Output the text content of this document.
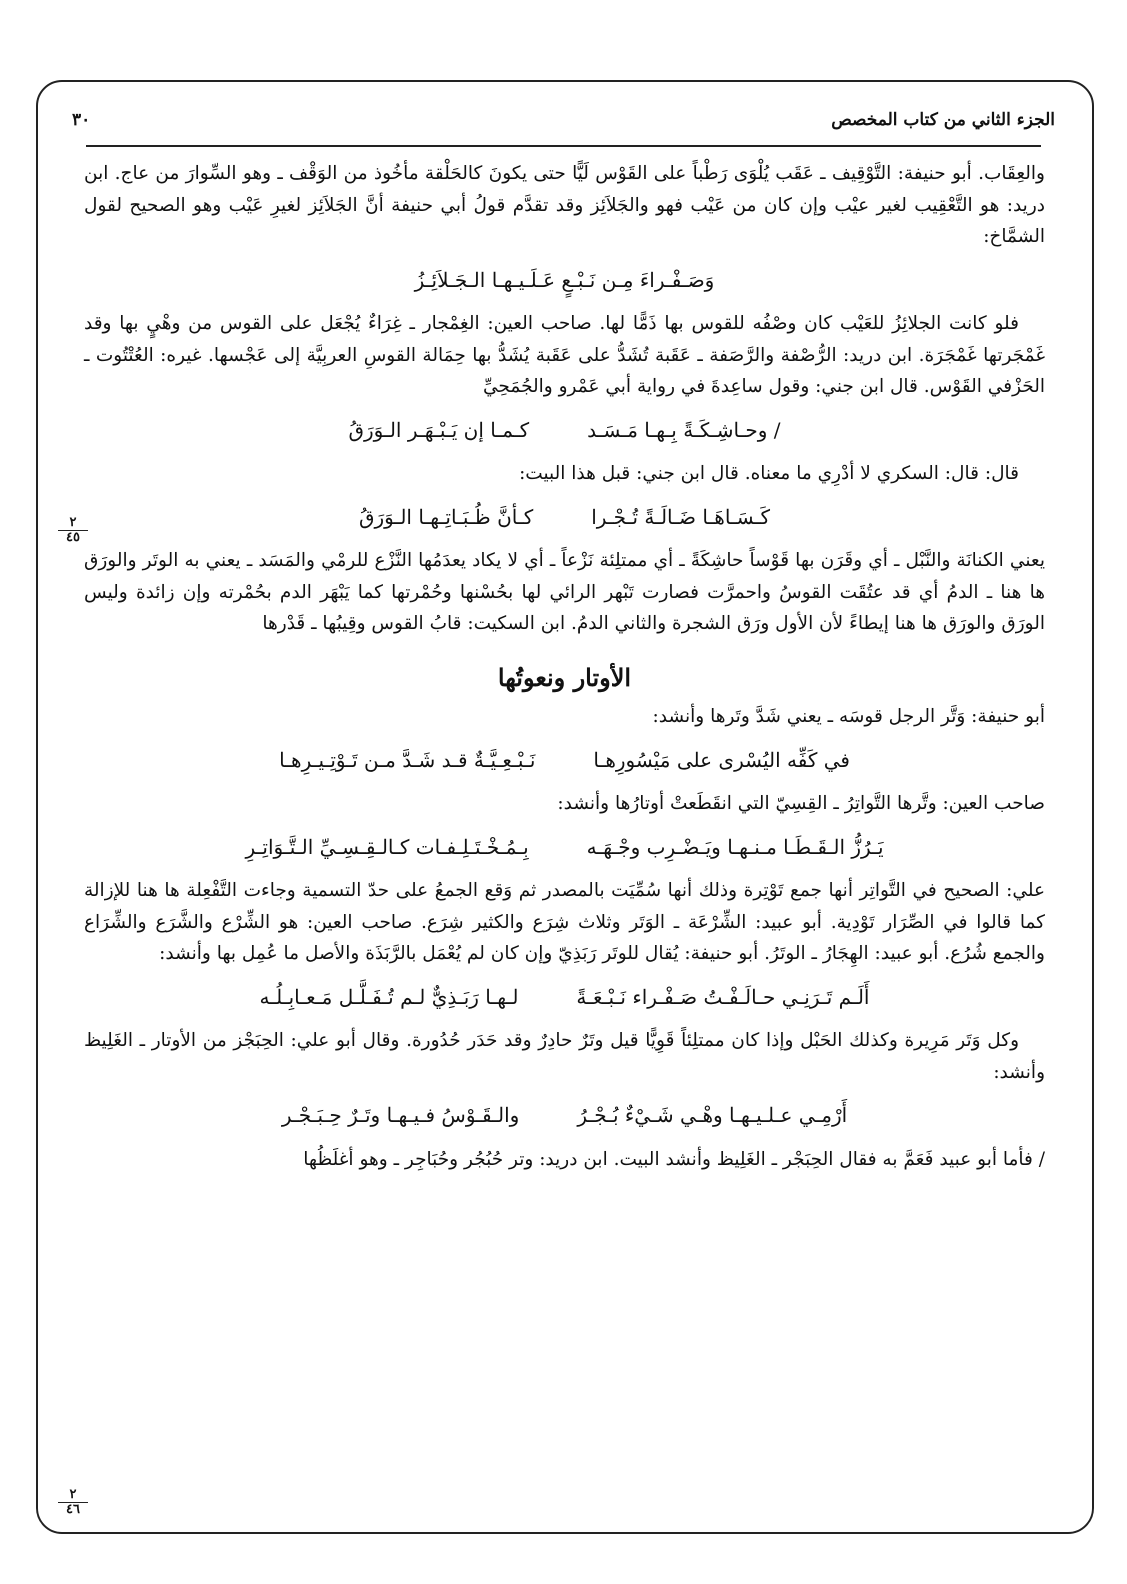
الجزء الثاني من كتاب المخصص
٣٠
٢
٤٥
٢
٤٦

والعِقَاب. أبو حنيفة: التَّوْقِيف ـ عَقَب يُلْوَى رَطْباً على القَوْس لَيًّا حتى يكونَ كالحَلْقة مأخُوذ من الوَقْف ـ وهو السِّوارَ من عاج. ابن دريد: هو التَّعْقِيب لغير عيْب وإن كان من عَيْب فهو والجَلاَئِز وقد تقدَّم قولُ أبي حنيفة أنَّ الجَلاَئِز لغيرِ عَيْب وهو الصحيح لقول الشمَّاخ:

وَصَـفْـراءَ مِـن نَـبْـعٍ عَـلَـيـهـا الـجَـلاَئِـزُ

فلو كانت الجلائِزُ للعَيْب كان وصْفُه للقوس بها ذَمًّا لها. صاحب العين: الغِمْجار ـ غِرَاءٌ يُجْعَل على القوس من وهْيٍ بها وقد غَمْجَرتها غَمْجَرَة. ابن دريد: الرُّصْفة والرَّصَفة ـ عَقَبة تُشَدُّ على عَقَبة يُشَدُّ بها حِمَالة القوسِ العربِيَّة إلى عَجْسها. غيره: العُتْتُوت ـ الحَزْفي القَوْس. قال ابن جني: وقول ساعِدةَ في رواية أبي عَمْرو والجُمَحِيِّ

/ وحـاشِـكَـةً بِـهـا مَـسَـد
كـمـا إن يَـبْـهَـر الـوَرَقُ

قال: قال: السكري لا أدْرِي ما معناه. قال ابن جني: قبل هذا البيت:

كَـسَـاهَـا ضَـالَـةً تُـجْـرا
كـأنَّ ظُـبَـاتِـهـا الـوَرَقُ

يعني الكنانَة والنَّبْل ـ أي وقَرَن بها قَوْساً حاشِكَةً ـ أي ممتلِئة نَزْعاً ـ أي لا يكاد يعدَمُها النَّزْع للرمْي والمَسَد ـ يعني به الوتَر والورَق ها هنا ـ الدمُ أي قد عتُقَت القوسُ واحمرَّت فصارت تَبْهر الرائي لها بحُسْنها وحُمْرتها كما يَبْهَر الدم بحُمْرته وإن زائدة وليس الورَق والورَق ها هنا إيطاءً لأن الأول ورَق الشجرة والثاني الدمُ. ابن السكيت: قابُ القوس وقِيبُها ـ قَدْرها

الأوتار ونعوتُها

أبو حنيفة: وَتَّر الرجل قوسَه ـ يعني شَدَّ وتَرها وأنشد:

في كَفِّه اليُسْرى على مَيْسُورِهـا
نَـبْـعِـيَّـةٌ قـد شَـدَّ مـن تَـوْتِـيـرِهـا

صاحب العين: وتَّرها التَّواتِرُ ـ القِسِيّ التي انقَطَعتْ أوتارُها وأنشد:

يَـرُزُّ الـقَـطَـا مـنـهـا ويَـضْـرِب وجْـهَـه
بِـمُـخْـتَـلِـفـات كـالـقِـسِـيِّ الـتَّـوَاتِـرِ

علي: الصحيح في التَّواتِر أنها جمع تَوْتِرة وذلك أنها سُمِّيَت بالمصدر ثم وَقع الجمعُ على حدّ التسمية وجاءت التَّفْعِلة ها هنا للإزالة كما قالوا في الصِّرَار تَوْدِية. أبو عبيد: الشِّرْعَة ـ الوَتَر وثلاث شِرَع والكثير شِرَع. صاحب العين: هو الشِّرْع والشَّرَع والشِّرَاع والجمع شُرُع. أبو عبيد: الهِجَارُ ـ الوتَرُ. أبو حنيفة: يُقال للوتَر رَبَذِيّ وإن كان لم يُعْمَل بالرَّبَذَة والأصل ما عُمِل بها وأنشد:

أَلَـم تَـرَنِـي حـالَـفْـتُ صَـفْـراء نَـبْـعَـةً
لـهـا رَبَـذِيٌّ لـم تُـفَـلَّـل مَـعـابِـلُـه

وكل وَتَر مَرِيرة وكذلك الحَبْل وإذا كان ممتلِئاً قَوِيًّا قيل وتَرٌ حادِرٌ وقد حَدَر حُدُورة. وقال أبو علي: الحِبَجْز من الأوتار ـ الغَلِيظ وأنشد:

أَرْمِـي عـلـيـهـا وهْـي شَـيْءٌ بُـجْـرُ
والـقَـوْسُ فـيـهـا وتَـرٌ حِـبَـجْـر

/ فأما أبو عبيد فَعَمَّ به فقال الحِبَجْر ـ الغَلِيظ وأنشد البيت. ابن دريد: وتر حُبُجُر وحُبَاجِر ـ وهو أغلَظُها
